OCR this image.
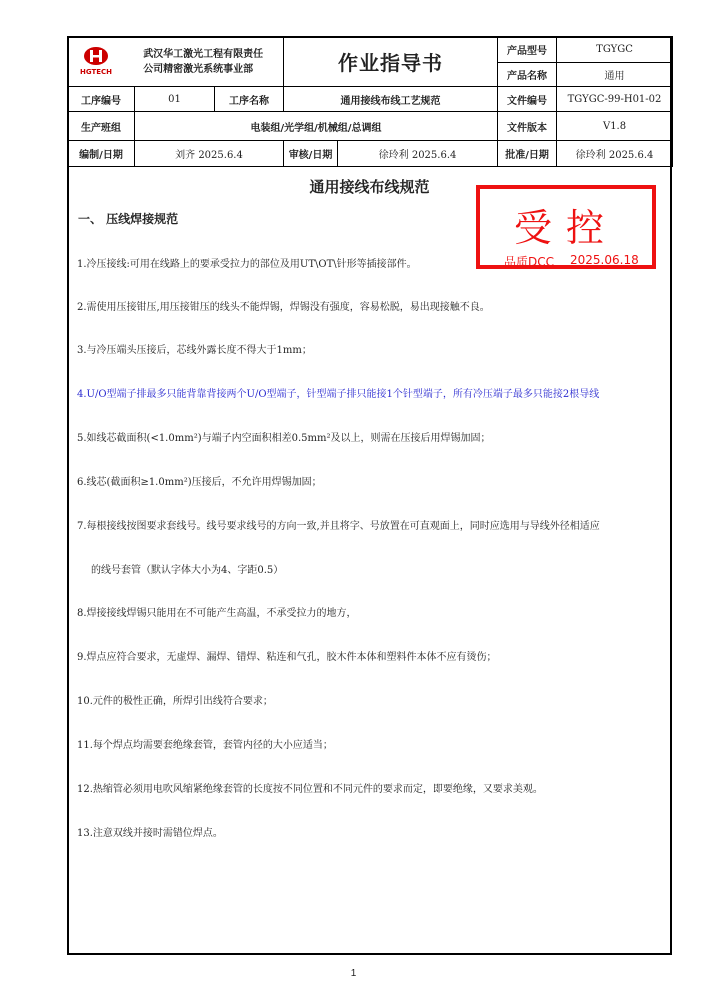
HGTECH
武汉华工激光工程有限责任
公司精密激光系统事业部			作业指导书		产品型号	TGYGC
					产品名称	通用
工序编号	01	工序名称	通用接线布线工艺规范		文件编号	TGYGC-99-H01-02
生产班组	电装组/光学组/机械组/总调组				文件版本	V1.8
编制/日期	刘齐 2025.6.4		审核/日期	徐玲利 2025.6.4	批准/日期	徐玲利 2025.6.4
通用接线布线规范
一、 压线焊接规范	受控
品质DCC 2025.06.18
1.冷压接线:可用在线路上的要承受拉力的部位及用UT\OT\针形等插接部件。
2.需使用压接钳压,用压接钳压的线头不能焊锡，焊锡没有强度，容易松脱，易出现接触不良。
3.与冷压端头压接后，芯线外露长度不得大于1mm；
4.U/O型端子排最多只能背靠背接两个U/O型端子，针型端子排只能接1个针型端子，所有冷压端子最多只能接2根导线
5.如线芯截面积(<1.0mm²)与端子内空面积相差0.5mm²及以上，则需在压接后用焊锡加固；
6.线芯(截面积≥1.0mm²)压接后，不允许用焊锡加固；
7.每根接线按图要求套线号。线号要求线号的方向一致,并且将字、号放置在可直观面上，同时应选用与导线外径相适应
的线号套管（默认字体大小为4、字距0.5）
8.焊接接线焊锡只能用在不可能产生高温，不承受拉力的地方，
9.焊点应符合要求，无虚焊、漏焊、错焊、粘连和气孔，胶木件本体和塑料件本体不应有烫伤；
10.元件的极性正确，所焊引出线符合要求；
11.每个焊点均需要套绝缘套管，套管内径的大小应适当；
12.热缩管必须用电吹风缩紧绝缘套管的长度按不同位置和不同元件的要求而定，即要绝缘，又要求美观。
13.注意双线并接时需错位焊点。
1
